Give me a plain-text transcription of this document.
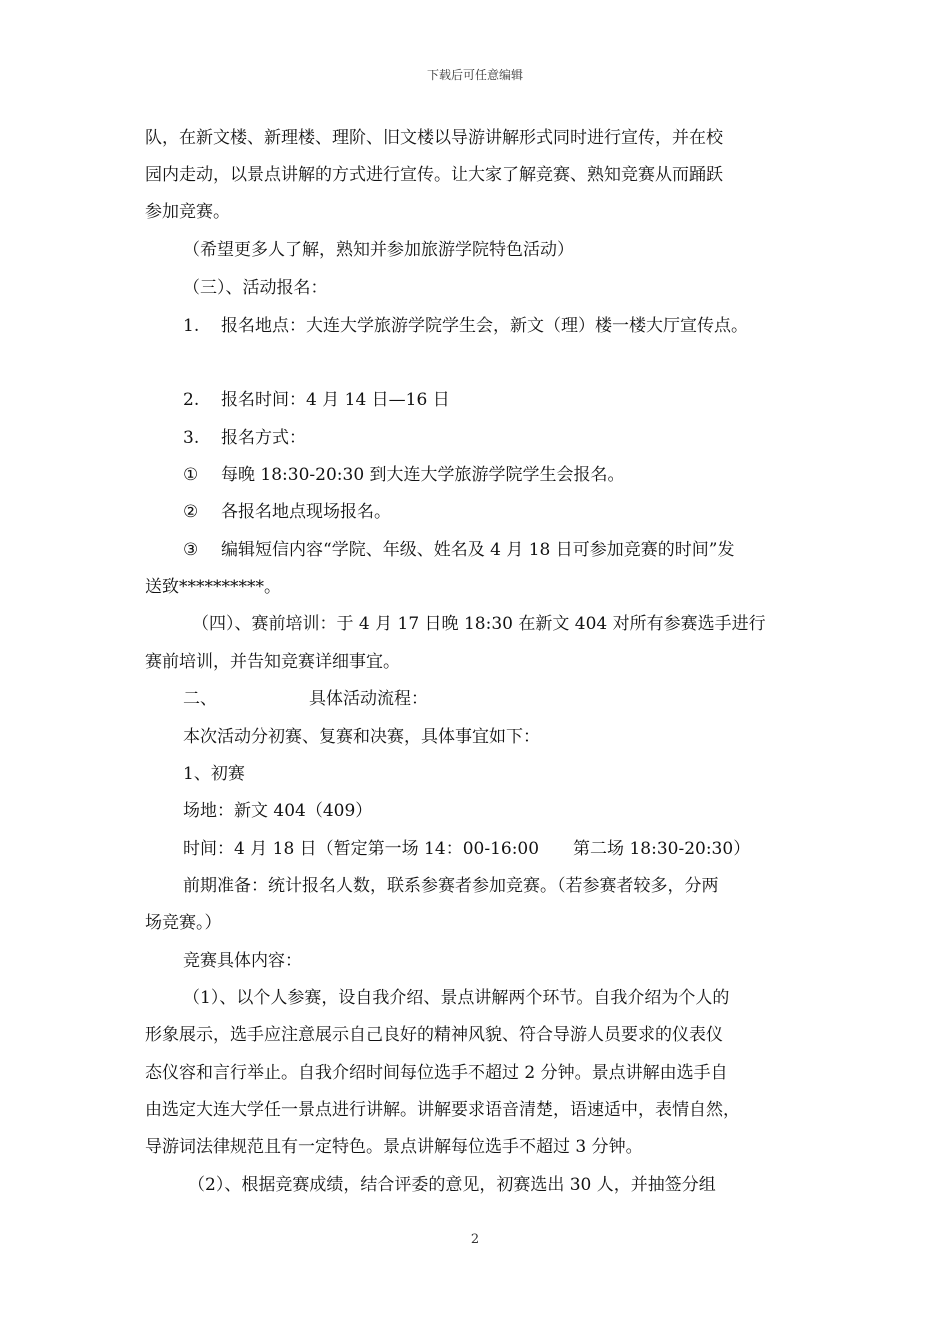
下载后可任意编辑
队，在新文楼、新理楼、理阶、旧文楼以导游讲解形式同时进行宣传，并在校
园内走动，以景点讲解的方式进行宣传。让大家了解竞赛、熟知竞赛从而踊跃
参加竞赛。
（希望更多人了解，熟知并参加旅游学院特色活动）
（三）、活动报名：
1. 报名地点：大连大学旅游学院学生会，新文（理）楼一楼大厅宣传点。
2. 报名时间：4 月 14 日—16 日
3. 报名方式：
① 每晚 18:30-20:30 到大连大学旅游学院学生会报名。
② 各报名地点现场报名。
③ 编辑短信内容“学院、年级、姓名及 4 月 18 日可参加竞赛的时间”发
送致**********。
（四）、赛前培训：于 4 月 17 日晚 18:30 在新文 404 对所有参赛选手进行
赛前培训，并告知竞赛详细事宜。
二、	具体活动流程：
本次活动分初赛、复赛和决赛，具体事宜如下：
1、初赛
场地：新文 404（409）
时间：4 月 18 日（暂定第一场 14：00-16:00　　第二场 18:30-20:30）
前期准备：统计报名人数，联系参赛者参加竞赛。（若参赛者较多，分两
场竞赛。）
竞赛具体内容：
（1）、以个人参赛，设自我介绍、景点讲解两个环节。自我介绍为个人的
形象展示，选手应注意展示自己良好的精神风貌、符合导游人员要求的仪表仪
态仪容和言行举止。自我介绍时间每位选手不超过 2 分钟。景点讲解由选手自
由选定大连大学任一景点进行讲解。讲解要求语音清楚，语速适中，表情自然，
导游词法律规范且有一定特色。景点讲解每位选手不超过 3 分钟。
（2）、根据竞赛成绩，结合评委的意见，初赛选出 30 人，并抽签分组
2
